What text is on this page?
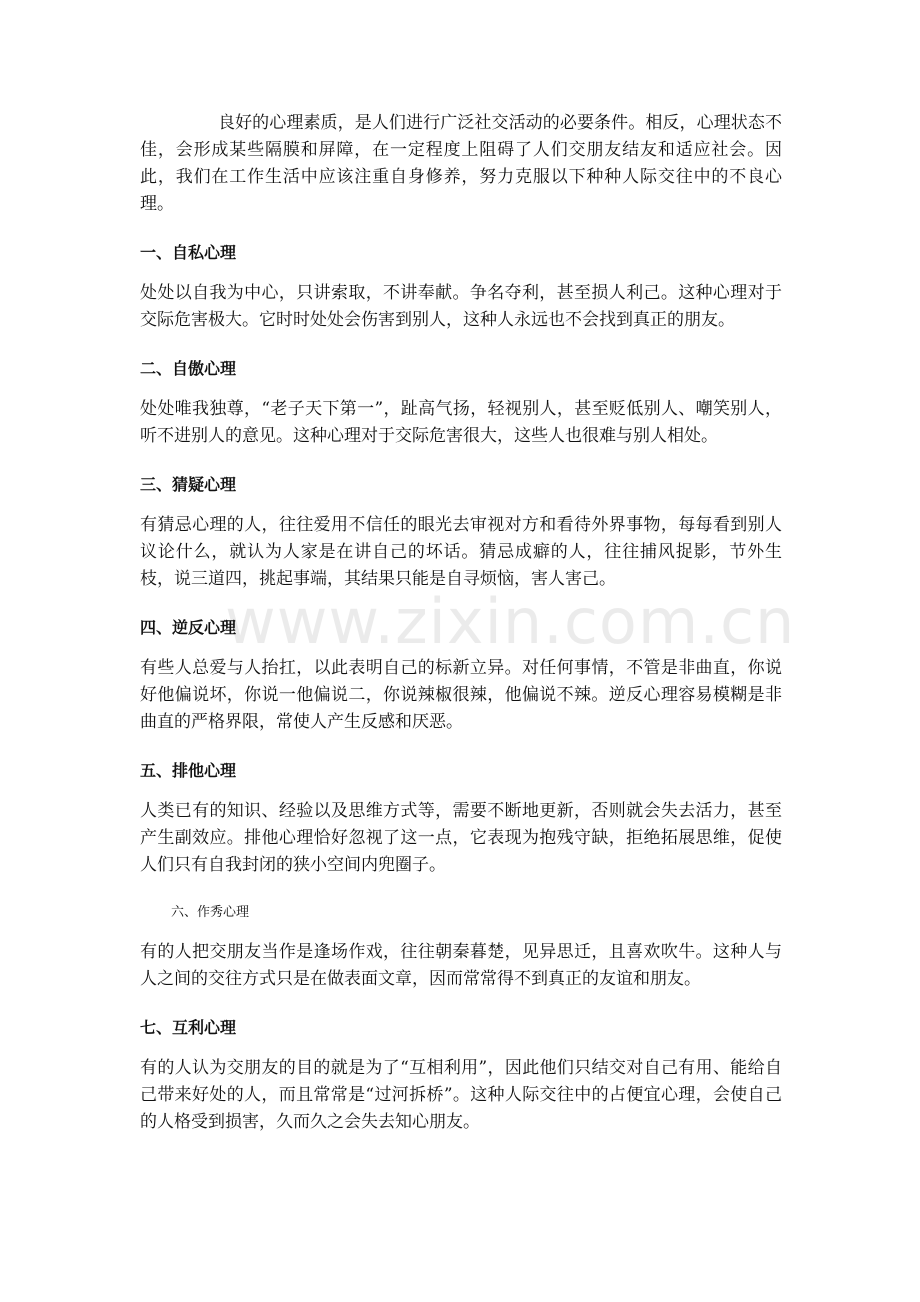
www.zixin.com.cn

良好的心理素质，是人们进行广泛社交活动的必要条件。相反，心理状态不佳，会形成某些隔膜和屏障，在一定程度上阻碍了人们交朋友结友和适应社会。因此，我们在工作生活中应该注重自身修养，努力克服以下种种人际交往中的不良心理。

一、自私心理

处处以自我为中心，只讲索取，不讲奉献。争名夺利，甚至损人利己。这种心理对于交际危害极大。它时时处处会伤害到别人，这种人永远也不会找到真正的朋友。

二、自傲心理

处处唯我独尊，“老子天下第一”，趾高气扬，轻视别人，甚至贬低别人、嘲笑别人，听不进别人的意见。这种心理对于交际危害很大，这些人也很难与别人相处。

三、猜疑心理

有猜忌心理的人，往往爱用不信任的眼光去审视对方和看待外界事物，每每看到别人议论什么，就认为人家是在讲自己的坏话。猜忌成癖的人，往往捕风捉影，节外生枝，说三道四，挑起事端，其结果只能是自寻烦恼，害人害己。

四、逆反心理

有些人总爱与人抬扛，以此表明自己的标新立异。对任何事情，不管是非曲直，你说好他偏说坏，你说一他偏说二，你说辣椒很辣，他偏说不辣。逆反心理容易模糊是非曲直的严格界限，常使人产生反感和厌恶。

五、排他心理

人类已有的知识、经验以及思维方式等，需要不断地更新，否则就会失去活力，甚至产生副效应。排他心理恰好忽视了这一点，它表现为抱残守缺，拒绝拓展思维，促使人们只有自我封闭的狭小空间内兜圈子。

六、作秀心理

有的人把交朋友当作是逢场作戏，往往朝秦暮楚，见异思迁，且喜欢吹牛。这种人与人之间的交往方式只是在做表面文章，因而常常得不到真正的友谊和朋友。

七、互利心理

有的人认为交朋友的目的就是为了“互相利用”，因此他们只结交对自己有用、能给自己带来好处的人，而且常常是“过河拆桥”。这种人际交往中的占便宜心理，会使自己的人格受到损害，久而久之会失去知心朋友。
